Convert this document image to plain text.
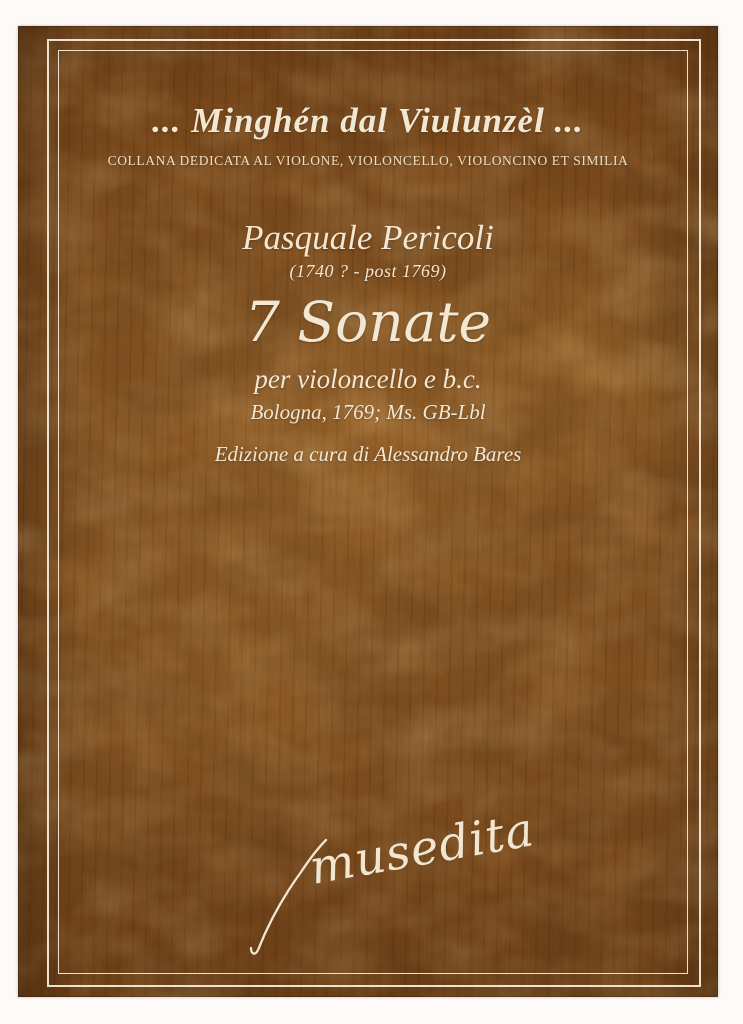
... Minghén dal Viulunzèl ...
COLLANA DEDICATA AL VIOLONE, VIOLONCELLO, VIOLONCINO ET SIMILIA
Pasquale Pericoli
(1740 ? - post 1769)
7 Sonate
per violoncello e b.c.
Bologna, 1769; Ms. GB-Lbl
Edizione a cura di Alessandro Bares
musedita
